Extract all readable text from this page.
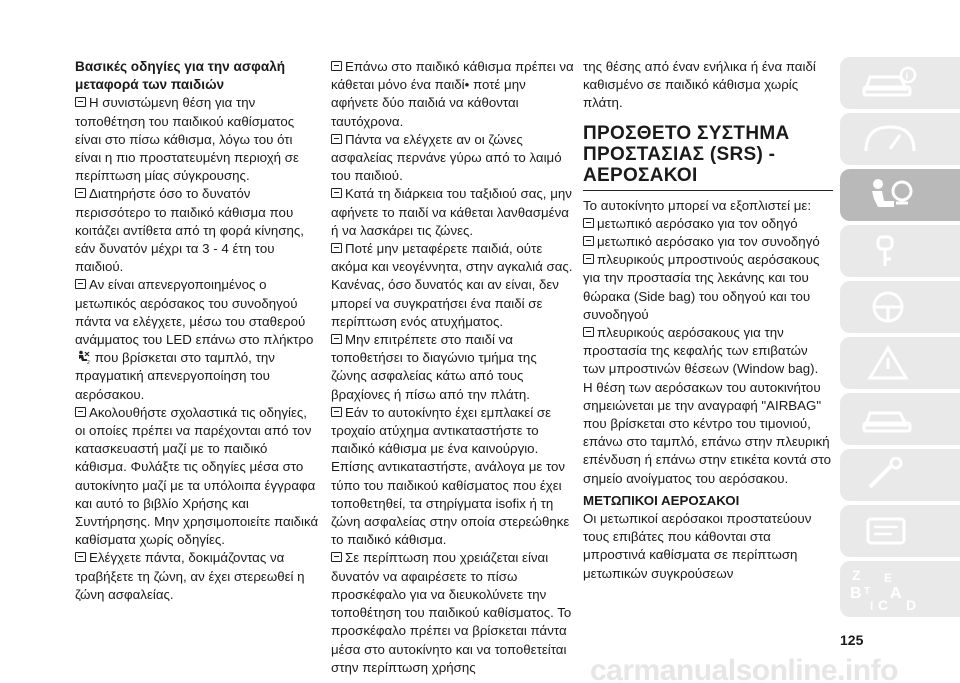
Βασικές οδηγίες για την ασφαλή μεταφορά των παιδιών

Η συνιστώμενη θέση για την τοποθέτηση του παιδικού καθίσματος είναι στο πίσω κάθισμα, λόγω του ότι είναι η πιο προστατευμένη περιοχή σε περίπτωση μίας σύγκρουσης.

Διατηρήστε όσο το δυνατόν περισσότερο το παιδικό κάθισμα που κοιτάζει αντίθετα από τη φορά κίνησης, εάν δυνατόν μέχρι τα 3 - 4 έτη του παιδιού.

Αν είναι απενεργοποιημένος ο μετωπικός αερόσακος του συνοδηγού πάντα να ελέγχετε, μέσω του σταθερού ανάμματος του LED επάνω στο πλήκτρο
2 που βρίσκεται στο ταμπλό, την πραγματική απενεργοποίηση του αερόσακου.

Ακολουθήστε σχολαστικά τις οδηγίες, οι οποίες πρέπει να παρέχονται από τον κατασκευαστή μαζί με το παιδικό κάθισμα. Φυλάξτε τις οδηγίες μέσα στο αυτοκίνητο μαζί με τα υπόλοιπα έγγραφα και αυτό το βιβλίο Χρήσης και Συντήρησης. Μην χρησιμοποιείτε παιδικά καθίσματα χωρίς οδηγίες.

Ελέγχετε πάντα, δοκιμάζοντας να τραβήξετε τη ζώνη, αν έχει στερεωθεί η ζώνη ασφαλείας.

Επάνω στο παιδικό κάθισμα πρέπει να κάθεται μόνο ένα παιδί• ποτέ μην αφήνετε δύο παιδιά να κάθονται ταυτόχρονα.

Πάντα να ελέγχετε αν οι ζώνες ασφαλείας περνάνε γύρω από το λαιμό του παιδιού.

Κατά τη διάρκεια του ταξιδιού σας, μην αφήνετε το παιδί να κάθεται λανθασμένα ή να λασκάρει τις ζώνες.

Ποτέ μην μεταφέρετε παιδιά, ούτε ακόμα και νεογέννητα, στην αγκαλιά σας. Κανένας, όσο δυνατός και αν είναι, δεν μπορεί να συγκρατήσει ένα παιδί σε περίπτωση ενός ατυχήματος.

Μην επιτρέπετε στο παιδί να τοποθετήσει το διαγώνιο τμήμα της ζώνης ασφαλείας κάτω από τους βραχίονες ή πίσω από την πλάτη.

Εάν το αυτοκίνητο έχει εμπλακεί σε τροχαίο ατύχημα αντικαταστήστε το παιδικό κάθισμα με ένα καινούργιο. Επίσης αντικαταστήστε, ανάλογα με τον τύπο του παιδικού καθίσματος που έχει τοποθετηθεί, τα στηρίγματα isofix ή τη ζώνη ασφαλείας στην οποία στερεώθηκε το παιδικό κάθισμα.

Σε περίπτωση που χρειάζεται είναι δυνατόν να αφαιρέσετε το πίσω προσκέφαλο για να διευκολύνετε την τοποθέτηση του παιδικού καθίσματος. Το προσκέφαλο πρέπει να βρίσκεται πάντα μέσα στο αυτοκίνητο και να τοποθετείται στην περίπτωση χρήσης

της θέσης από έναν ενήλικα ή ένα παιδί καθισμένο σε παιδικό κάθισμα χωρίς πλάτη.

ΠΡΟΣΘΕΤΟ ΣΥΣΤΗΜΑ ΠΡΟΣΤΑΣΙΑΣ (SRS) - ΑΕΡΟΣΑΚΟΙ

Το αυτοκίνητο μπορεί να εξοπλιστεί με:

μετωπικό αερόσακο για τον οδηγό

μετωπικό αερόσακο για τον συνοδηγό

πλευρικούς μπροστινούς αερόσακους για την προστασία της λεκάνης και του θώρακα (Side bag) του οδηγού και του συνοδηγού

πλευρικούς αερόσακους για την προστασία της κεφαλής των επιβατών των μπροστινών θέσεων (Window bag).

Η θέση των αερόσακων του αυτοκινήτου σημειώνεται με την αναγραφή "AIRBAG" που βρίσκεται στο κέντρο του τιμονιού, επάνω στο ταμπλό, επάνω στην πλευρική επένδυση ή επάνω στην ετικέτα κοντά στο σημείο ανοίγματος του αερόσακου.

ΜΕΤΩΠΙΚΟΙ ΑΕΡΟΣΑΚΟΙ

Οι μετωπικοί αερόσακοι προστατεύουν τους επιβάτες που κάθονται στα μπροστινά καθίσματα σε περίπτωση μετωπικών συγκρούσεων

i
Z
B
E
A
I C
T
D
125
carmanualsonline.info
